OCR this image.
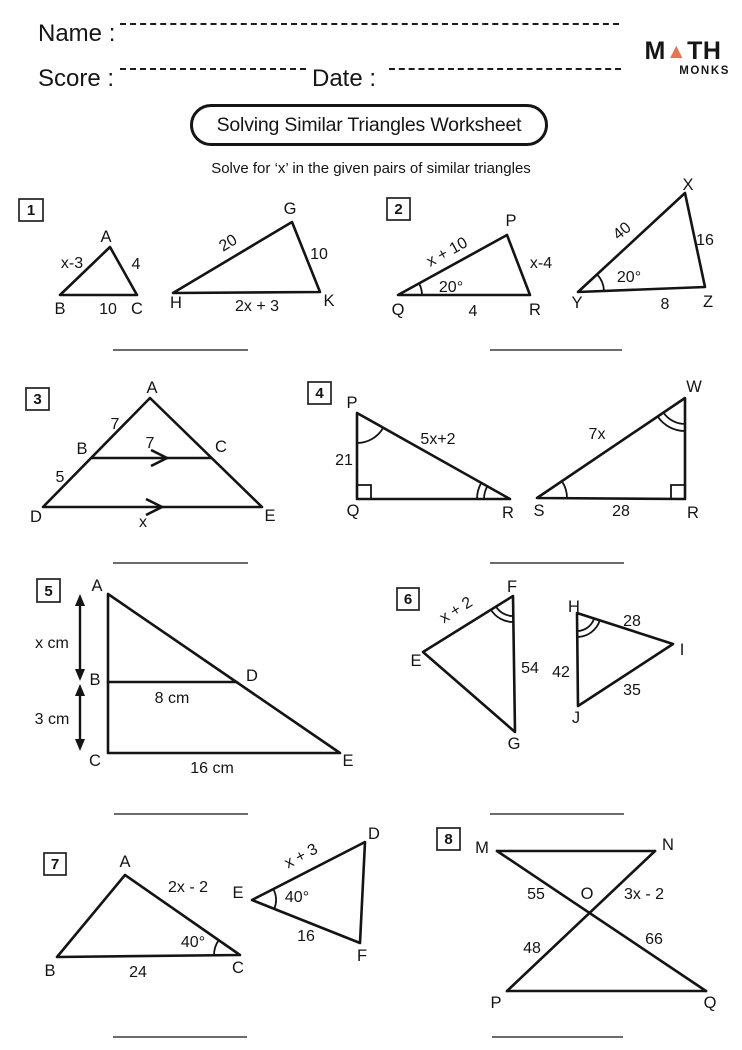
Name :
Score :	Date :
M▲TH
MONKS
Solving Similar Triangles Worksheet
Solve for ‘x’ in the given pairs of similar triangles
1
A
B	C
x-3	4
10
G
H	K
20	10
2x + 3
2
P
Q	R
x + 10	x-4
20°
4
X
Y	Z
40	16
20°
8
3
A
B	C
D	E
7
7
5
x
4
P
Q	R
21
5x+2
W
S	R
7x
28
5 A
B
C
D
E
x cm
3 cm
8 cm
16 cm
6
F
E
G
x + 2
54
H
I
J
28
42
35
7	A
B	C
2x - 2
40°
24
D
E
F
x + 3
40°
16
8 M	N
O
P	Q
55	3x - 2
48
66
